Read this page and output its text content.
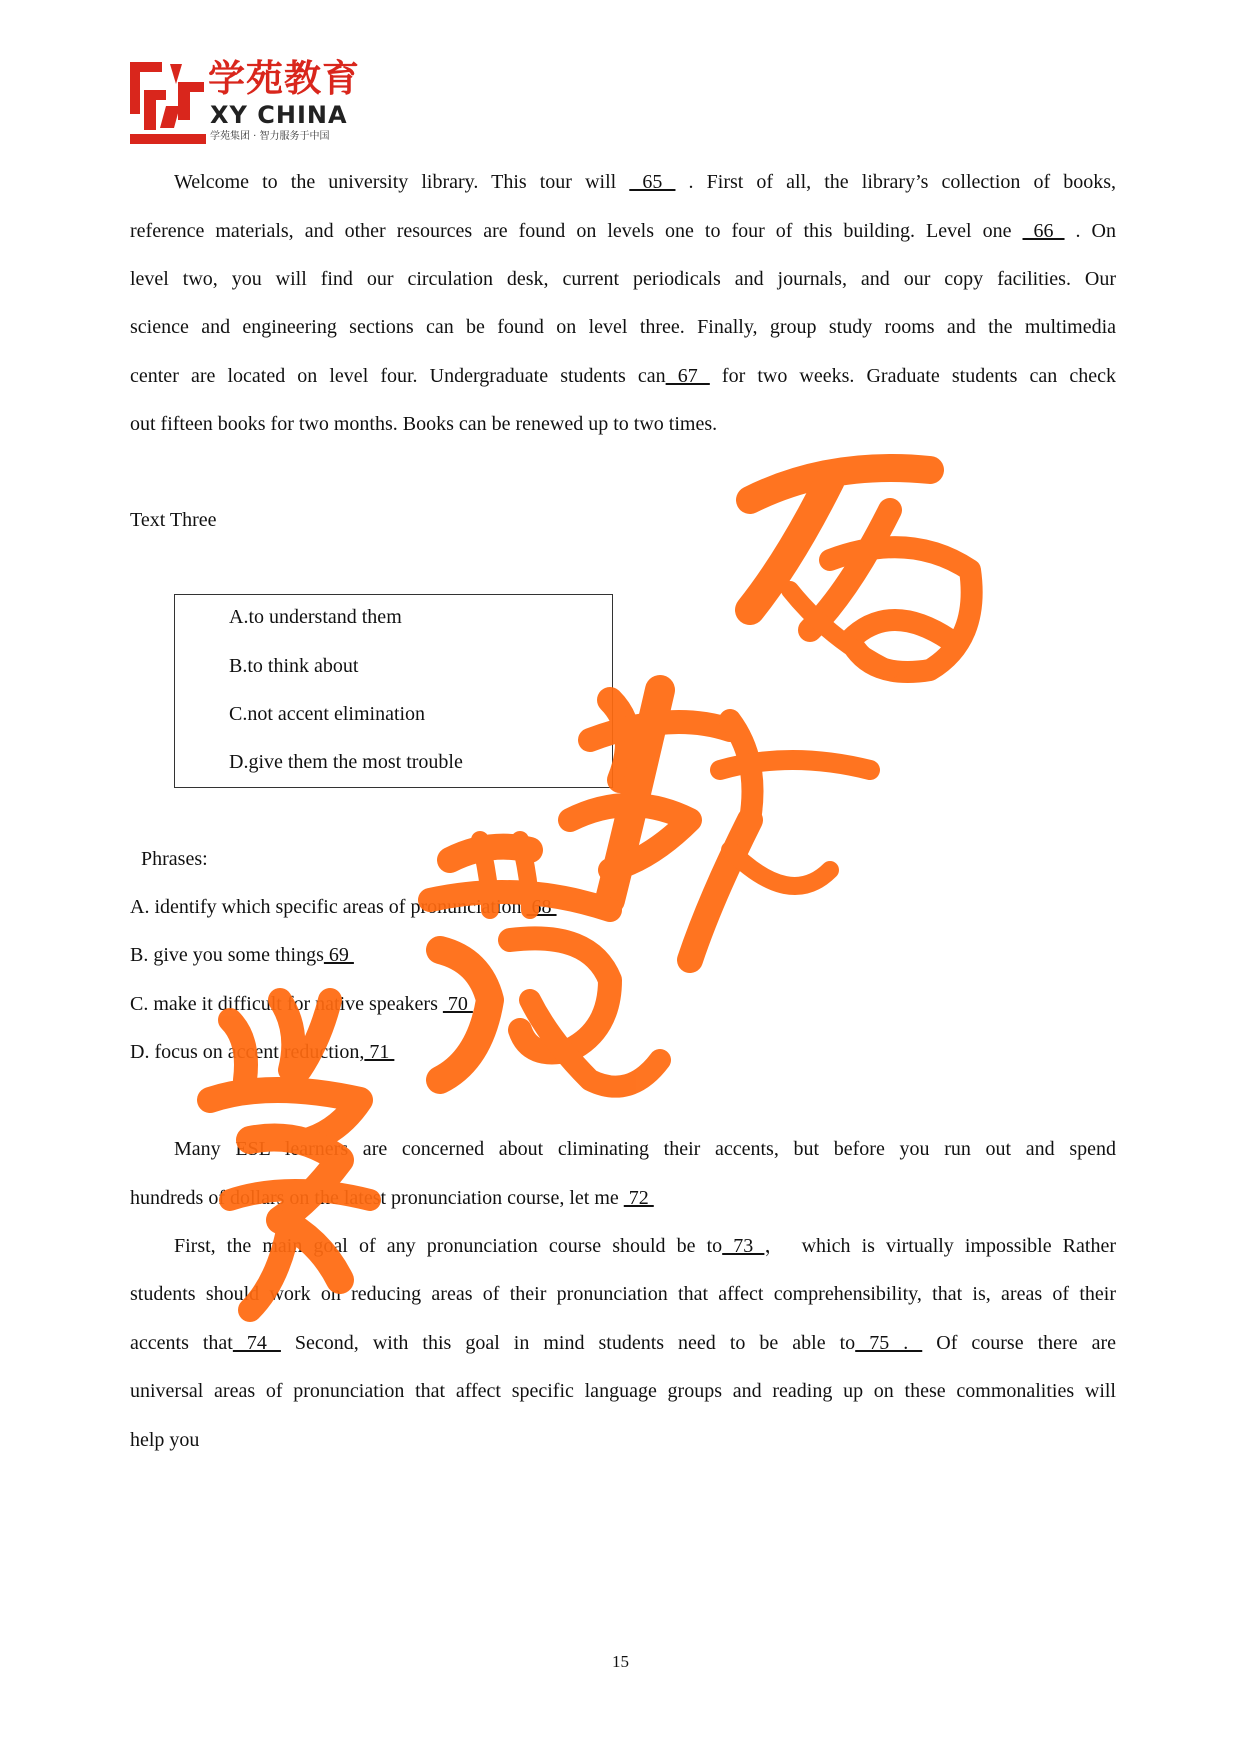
学苑教育
XY CHINA
学苑集团 · 智力服务于中国
Welcome to the university library. This tour will  65  . First of all, the library’s collection of books,
reference materials, and other resources are found on levels one to four of this building. Level one  66  . On
level two, you will find our circulation desk, current periodicals and journals, and our copy facilities. Our
science and engineering sections can be found on level three. Finally, group study rooms and the multimedia
center are located on level four. Undergraduate students can 67  for two weeks. Graduate students can check
out fifteen books for two months. Books can be renewed up to two times.
Text Three
A.to understand them
B.to think about
C.not accent elimination
D.give them the most trouble
Phrases:
A. identify which specific areas of pronunciation  68
B. give you some things 69
C. make it difficult for native speakers  70
D. focus on accent reduction, 71
Many ESL learners are concerned about climinating their accents, but before you run out and spend
hundreds of dollars on the latest pronunciation course, let me  72
First, the main goal of any pronunciation course should be to 73 ， which is virtually impossible Rather
students should work on reducing areas of their pronunciation that affect comprehensibility, that is, areas of their
accents that 74  Second, with this goal in mind students need to be able to 75 .  Of course there are
universal areas of pronunciation that affect specific language groups and reading up on these commonalities will
help you
15
